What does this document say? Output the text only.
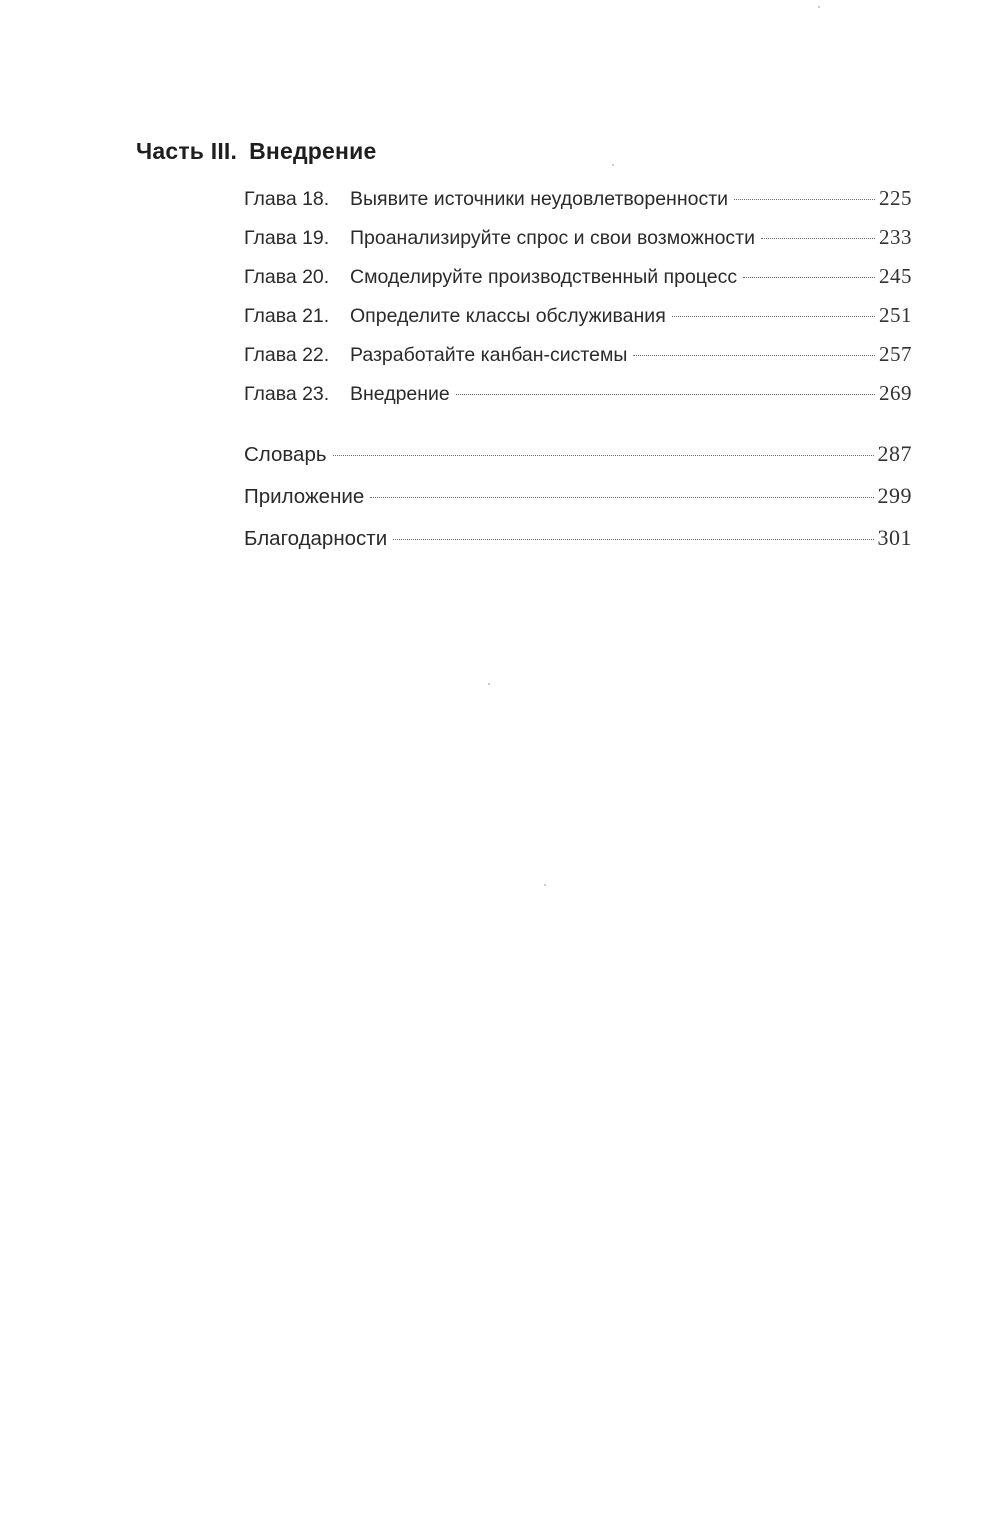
Часть III. Внедрение
Глава 18.	Выявите источники неудовлетворенности	225
Глава 19.	Проанализируйте спрос и свои возможности	233
Глава 20.	Смоделируйте производственный процесс	245
Глава 21.	Определите классы обслуживания	251
Глава 22.	Разработайте канбан-системы	257
Глава 23.	Внедрение	269
Словарь	287
Приложение	299
Благодарности	301
